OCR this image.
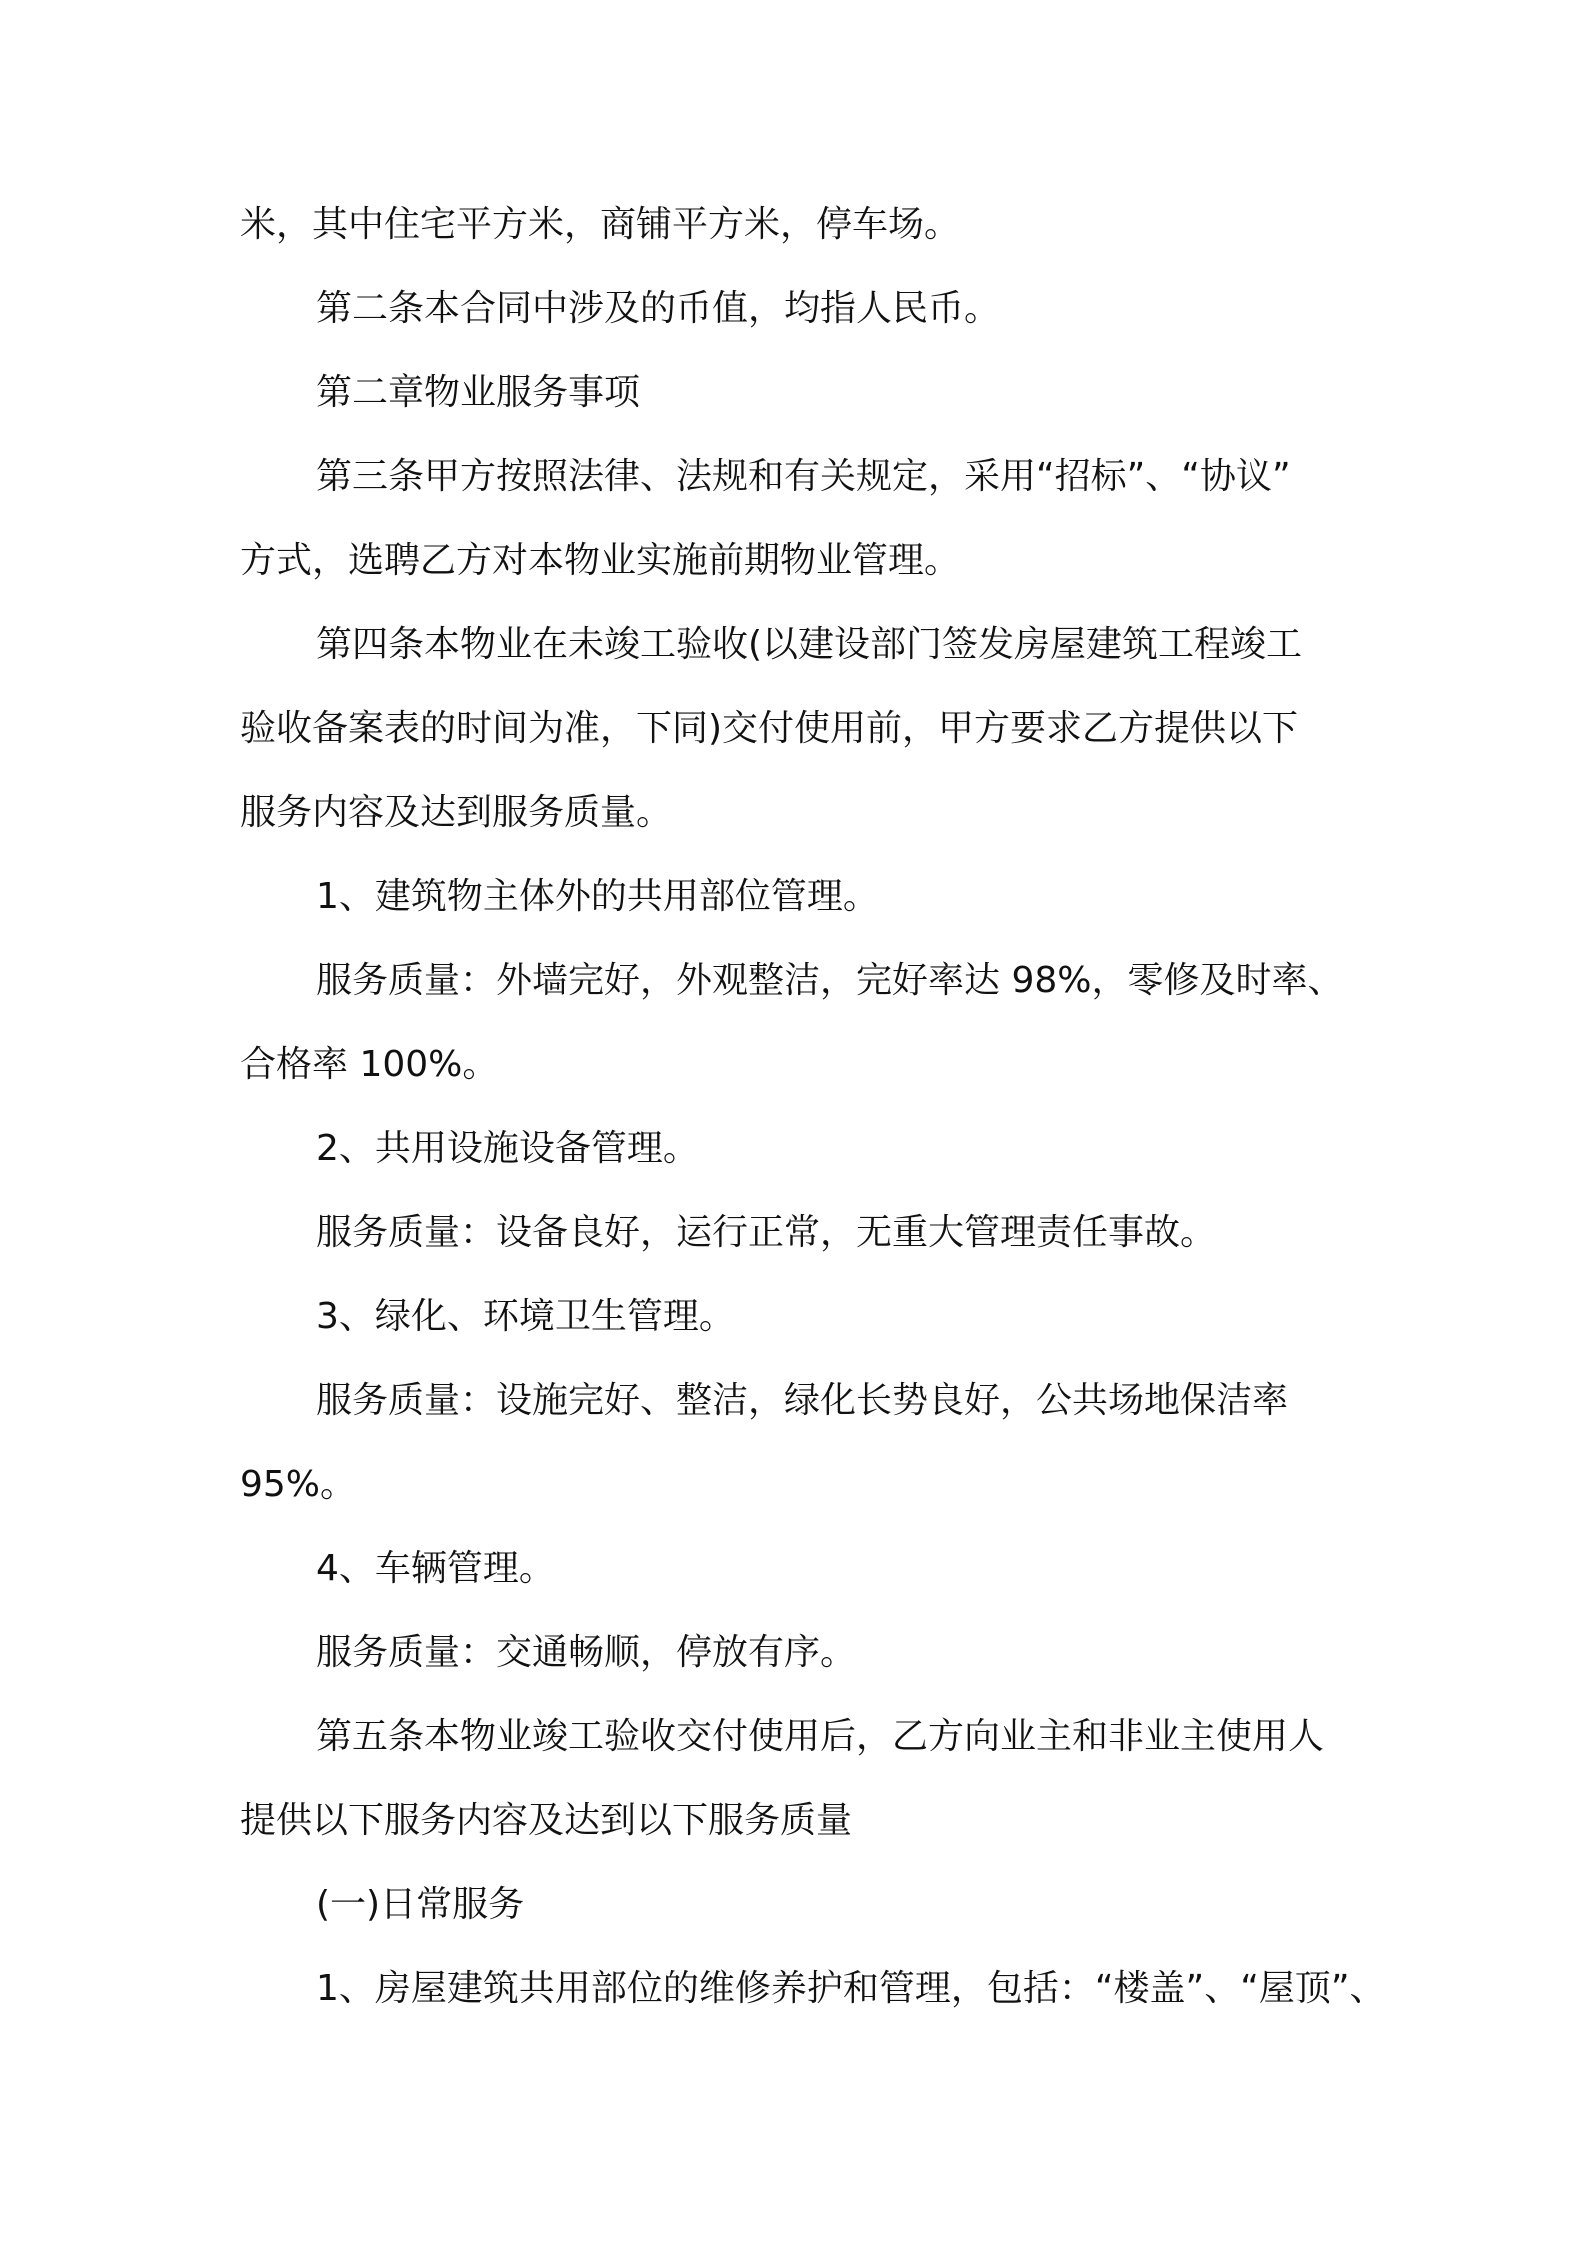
米，其中住宅平方米，商铺平方米，停车场。

第二条本合同中涉及的币值，均指人民币。

第二章物业服务事项

第三条甲方按照法律、法规和有关规定，采用“招标”、“协议”

方式，选聘乙方对本物业实施前期物业管理。

第四条本物业在未竣工验收(以建设部门签发房屋建筑工程竣工

验收备案表的时间为准，下同)交付使用前，甲方要求乙方提供以下

服务内容及达到服务质量。

1、建筑物主体外的共用部位管理。

服务质量：外墙完好，外观整洁，完好率达 98%，零修及时率、

合格率 100%。

2、共用设施设备管理。

服务质量：设备良好，运行正常，无重大管理责任事故。

3、绿化、环境卫生管理。

服务质量：设施完好、整洁，绿化长势良好，公共场地保洁率

95%。

4、车辆管理。

服务质量：交通畅顺，停放有序。

第五条本物业竣工验收交付使用后，乙方向业主和非业主使用人

提供以下服务内容及达到以下服务质量

(一)日常服务

1、房屋建筑共用部位的维修养护和管理，包括：“楼盖”、“屋顶”、
